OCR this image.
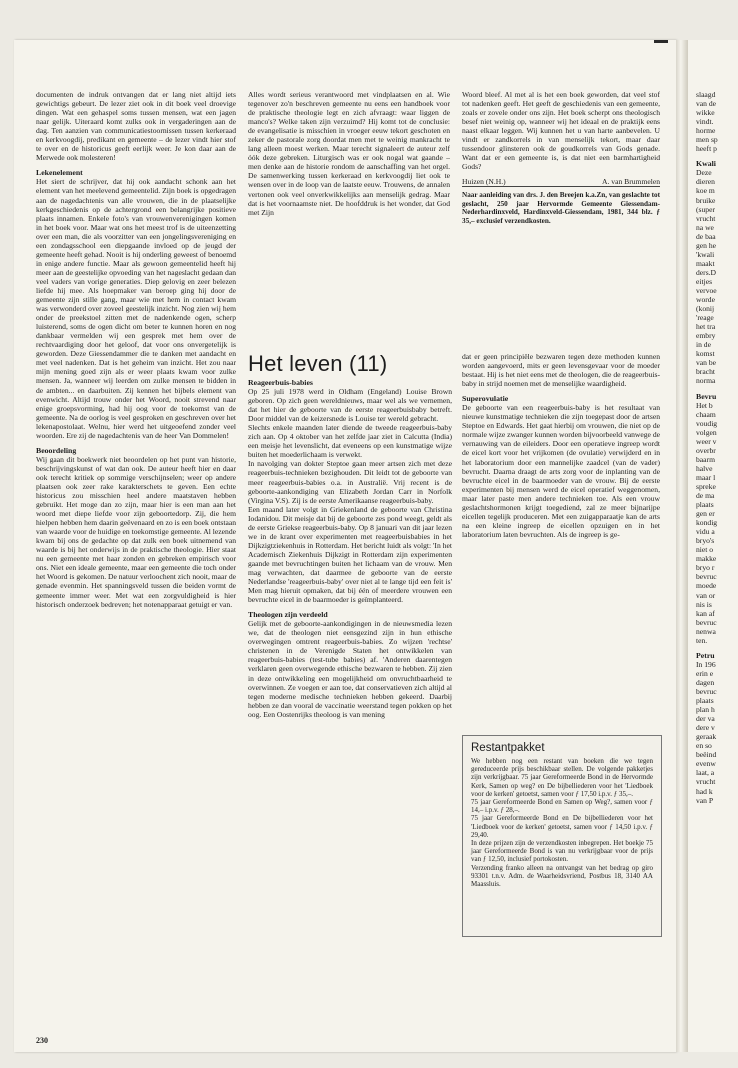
documenten de indruk ontvangen dat er lang niet altijd iets gewichtigs gebeurt. De lezer ziet ook in dit boek veel droevige dingen. Wat een gehaspel soms tussen mensen, wat een jagen naar gelijk. Uiteraard komt zulks ook in vergaderingen aan de dag. Ten aanzien van communicatiestoornissen tussen kerkeraad en kerkvoogdij, predikant en gemeente – de lezer vindt hier stof te over en de historicus geeft eerlijk weer. Je kon daar aan de Merwede ook molesteren!

Lekenelement

Het siert de schrijver, dat hij ook aandacht schonk aan het element van het meelevend gemeentelid. Zijn boek is opgedragen aan de nagedachtenis van alle vrouwen, die in de plaatselijke kerkgeschiedenis op de achtergrond een belangrijke positieve plaats innamen. Enkele foto's van vrouwenverenigingen komen in het boek voor. Maar wat ons het meest trof is de uiteenzetting over een man, die als voorzitter van een jongelingsvereniging en een zondagsschool een diepgaande invloed op de jeugd der gemeente heeft gehad. Nooit is hij onderling geweest of benoemd in enige andere functie. Maar als gewoon gemeentelid heeft hij meer aan de geestelijke opvoeding van het nageslacht gedaan dan veel vaders van vorige generaties. Diep gelovig en zeer belezen liefde hij mee. Als hoepmaker van beroep ging hij door de gemeente zijn stille gang, maar wie met hem in contact kwam was verwonderd over zoveel geestelijk inzicht. Nog zien wij hem onder de preekstoel zitten met de nadenkende ogen, scherp luisterend, soms de ogen dicht om beter te kunnen horen en nog dankbaar vermelden wij een gesprek met hem over de rechtvaardiging door het geloof, dat voor ons onvergetelijk is geworden. Deze Giessendammer die te danken met aandacht en met veel nadenken. Dat is het geheim van inzicht. Het zou naar mijn mening goed zijn als er weer plaats kwam voor zulke mensen. Ja, wanneer wij leerden om zulke mensen te bidden in de ambten... en daarbuiten. Zij kennen het bijbels element van evenwicht. Altijd trouw onder het Woord, nooit strevend naar enige groepsvorming, had hij oog voor de toekomst van de gemeente. Na de oorlog is veel gesproken en geschreven over het lekenapostolaat. Welnu, hier werd het uitgeoefend zonder veel woorden. Ere zij de nagedachtenis van de heer Van Dommelen!

Beoordeling

Wij gaan dit boekwerk niet beoordelen op het punt van historie, beschrijvingskunst of wat dan ook. De auteur heeft hier en daar ook terecht kritiek op sommige verschijnselen; weer op andere plaatsen ook zeer rake karakterschets te geven. Een echte historicus zou misschien heel andere maatstaven hebben gebruikt. Het moge dan zo zijn, maar hier is een man aan het woord met diepe liefde voor zijn geboortedorp. Zij, die hem hielpen hebben hem daarin geëvenaard en zo is een boek ontstaan van waarde voor de huidige en toekomstige gemeente. Al lezende kwam bij ons de gedachte op dat zulk een boek uitnemend van waarde is bij het onderwijs in de praktische theologie. Hier staat nu een gemeente met haar zonden en gebreken empirisch voor ons. Niet een ideale gemeente, maar een gemeente die toch onder het Woord is gekomen. De natuur verloochent zich nooit, maar de genade evenmin. Het spanningsveld tussen die beiden vormt de gemeente immer weer. Met wat een zorgvuldigheid is hier historisch onderzoek bedreven; het notenapparaat getuigt er van.

Alles wordt serieus verantwoord met vindplaatsen en al. Wie tegenover zo'n beschreven gemeente nu eens een handboek voor de praktische theologie legt en zich afvraagt: waar liggen de manco's? Welke taken zijn verzuimd? Hij komt tot de conclusie: de evangelisatie is misschien in vroeger eeuw tekort geschoten en zeker de pastorale zorg doordat men met te weinig mankracht te lang alleen moest werken. Maar terecht signaleert de auteur zelf óók deze gebreken. Liturgisch was er ook nogal wat gaande – men denke aan de historie rondom de aanschaffing van het orgel. De samenwerking tussen kerkeraad en kerkvoogdij liet ook te wensen over in de loop van de laatste eeuw. Trouwens, de annalen vertonen ook veel onverkwikkelijks aan menselijk gedrag. Maar dat is het voornaamste niet. De hoofddruk is het wonder, dat God met Zijn

Woord bleef. Al met al is het een boek geworden, dat veel stof tot nadenken geeft. Het geeft de geschiedenis van een gemeente, zoals er zovele onder ons zijn. Het boek scherpt ons theologisch besef niet weinig op, wanneer wij het ideaal en de praktijk eens naast elkaar leggen. Wij kunnen het u van harte aanbevelen. U vindt er zandkorrels in van menselijk tekort, maar daar tussendoor glinsteren ook de goudkorrels van Gods genade. Want dat er een gemeente is, is dat niet een barmhartigheid Gods?

Huizen (N.H.)	A. van Brummelen

Naar aanleiding van drs. J. den Breejen k.a.Zn, van geslachte tot geslacht, 250 jaar Hervormde Gemeente Giessendam-Nederhardinxveld, Hardinxveld-Giessendam, 1981, 344 blz. ƒ 35,– exclusief verzendkosten.

Het leven (11)
Reageerbuis-babies

Op 25 juli 1978 werd in Oldham (Engeland) Louise Brown geboren. Op zich geen wereldnieuws, maar wel als we vernemen, dat het hier de geboorte van de eerste reageerbuisbaby betreft. Door middel van de keizersnede is Louise ter wereld gebracht.

Slechts enkele maanden later diende de tweede reageerbuis-baby zich aan. Op 4 oktober van het zelfde jaar ziet in Calcutta (India) een meisje het levenslicht, dat eveneens op een kunstmatige wijze buiten het moederlichaam is verwekt.

In navolging van dokter Steptoe gaan meer artsen zich met deze reageerbuis-technieken bezighouden. Dit leidt tot de geboorte van meer reageerbuis-babies o.a. in Australië. Vrij recent is de geboorte-aankondiging van Elizabeth Jordan Carr in Norfolk (Virgina V.S). Zij is de eerste Amerikaanse reageerbuis-baby.

Een maand later volgt in Griekenland de geboorte van Christina Iodanidou. Dit meisje dat bij de geboorte zes pond weegt, geldt als de eerste Griekse reageerbuis-baby. Op 8 januari van dit jaar lezen we in de krant over experimenten met reageerbuisbabies in het Dijkzigtziekenhuis in Rotterdam. Het bericht luidt als volgt: 'In het Academisch Ziekenhuis Dijkzigt in Rotterdam zijn experimenten gaande met bevruchtingen buiten het lichaam van de vrouw. Men mag verwachten, dat daarmee de geboorte van de eerste Nederlandse 'reageerbuis-baby' over niet al te lange tijd een feit is' Men mag hieruit opmaken, dat bij één of meerdere vrouwen een bevruchte eicel in de baarmoeder is geïmplanteerd.

Theologen zijn verdeeld

Gelijk met de geboorte-aankondigingen in de nieuwsmedia lezen we, dat de theologen niet eensgezind zijn in hun ethische overwegingen omtrent reageerbuis-babies. Zo wijzen 'rechtse' christenen in de Verenigde Staten het ontwikkelen van reageerbuis-babies (test-tube babies) af. 'Anderen daarentegen verklaren geen overwegende ethische bezwaren te hebben. Zij zien in deze ontwikkeling een mogelijkheid om onvruchtbaarheid te overwinnen. Ze voegen er aan toe, dat conservatieven zich altijd al tegen moderne medische technieken hebben gekeerd. Daarbij hebben ze dan vooral de vaccinatie weerstand tegen pokken op het oog. Een Oostenrijks theoloog is van mening

dat er geen principiële bezwaren tegen deze methoden kunnen worden aangevoerd, mits er geen levensgevaar voor de moeder bestaat. Hij is het niet eens met de theologen, die de reageerbuis-baby in strijd noemen met de menselijke waardigheid.

Superovulatie

De geboorte van een reageerbuis-baby is het resultaat van nieuwe kunstmatige technieken die zijn toegepast door de artsen Steptoe en Edwards. Het gaat hierbij om vrouwen, die niet op de normale wijze zwanger kunnen worden bijvoorbeeld vanwege de vernauwing van de eileiders. Door een operatieve ingreep wordt de eicel kort voor het vrijkomen (de ovulatie) verwijderd en in het laboratorium door een mannelijke zaadcel (van de vader) bevrucht. Daarna draagt de arts zorg voor de inplanting van de bevruchte eicel in de baarmoeder van de vrouw. Bij de eerste experimenten bij mensen werd de eicel operatief weggenomen, maar later paste men andere technieken toe. Als een vrouw geslachtshormonen krijgt toegediend, zal ze meer bijnarijpe eicellen tegelijk produceren. Met een zuigapparaatje kan de arts na een kleine ingreep de eicellen opzuigen en in het laboratorium laten bevruchten. Als de ingreep is ge-

Restantpakket

We hebben nog een restant van boeken die we tegen gereduceerde prijs beschikbaar stellen. De volgende pakketjes zijn verkrijgbaar. 75 jaar Gereformeerde Bond in de Hervormde Kerk, Samen op weg? en De bijbelliederen voor het 'Liedboek voor de kerken' getoetst, samen voor ƒ 17,50 i.p.v. ƒ 35,–.

75 jaar Gereformeerde Bond en Samen op Weg?, samen voor ƒ 14,– i.p.v. ƒ 28,–.

75 jaar Gereformeerde Bond en De bijbelliederen voor het 'Liedboek voor de kerken' getoetst, samen voor ƒ 14,50 i.p.v. ƒ 29,40.

In deze prijzen zijn de verzendkosten inbegrepen. Het boekje 75 jaar Gereformeerde Bond is van nu verkrijgbaar voor de prijs van ƒ 12,50, inclusief portokosten.

Verzending franko alleen na ontvangst van het bedrag op giro 93301 t.n.v. Adm. de Waarheidsvriend, Postbus 18, 3140 AA Maassluis.

230

slaagd

van de

wikke

vindt.

horme

men sp

heeft p

Kwali

Deze

dieren

koe m

bruike

(super

vrucht

na we

de baa

gen he

'kwali

maakt

ders.D

eitjes

vervoe

worde

(konij

'reage

het tra

embry

in de

komst

van be

bracht

norma

Bevru

Het b

chaam

voudig

volgen

weer v

overbr

baarm

halve

maar l

spreke

de ma

plaats

gen er

kondig

vidu a

bryo's

niet o

makke

bryo r

bevruc

moede

van or

nis is

kan af

bevruc

nenwa

ten.

Petru

In 196

erin e

dagen

bevruc

plaats

plan h

der va

dere v

geraak

en so

beëind

evenw

laat, a

vrucht

had k

van P
